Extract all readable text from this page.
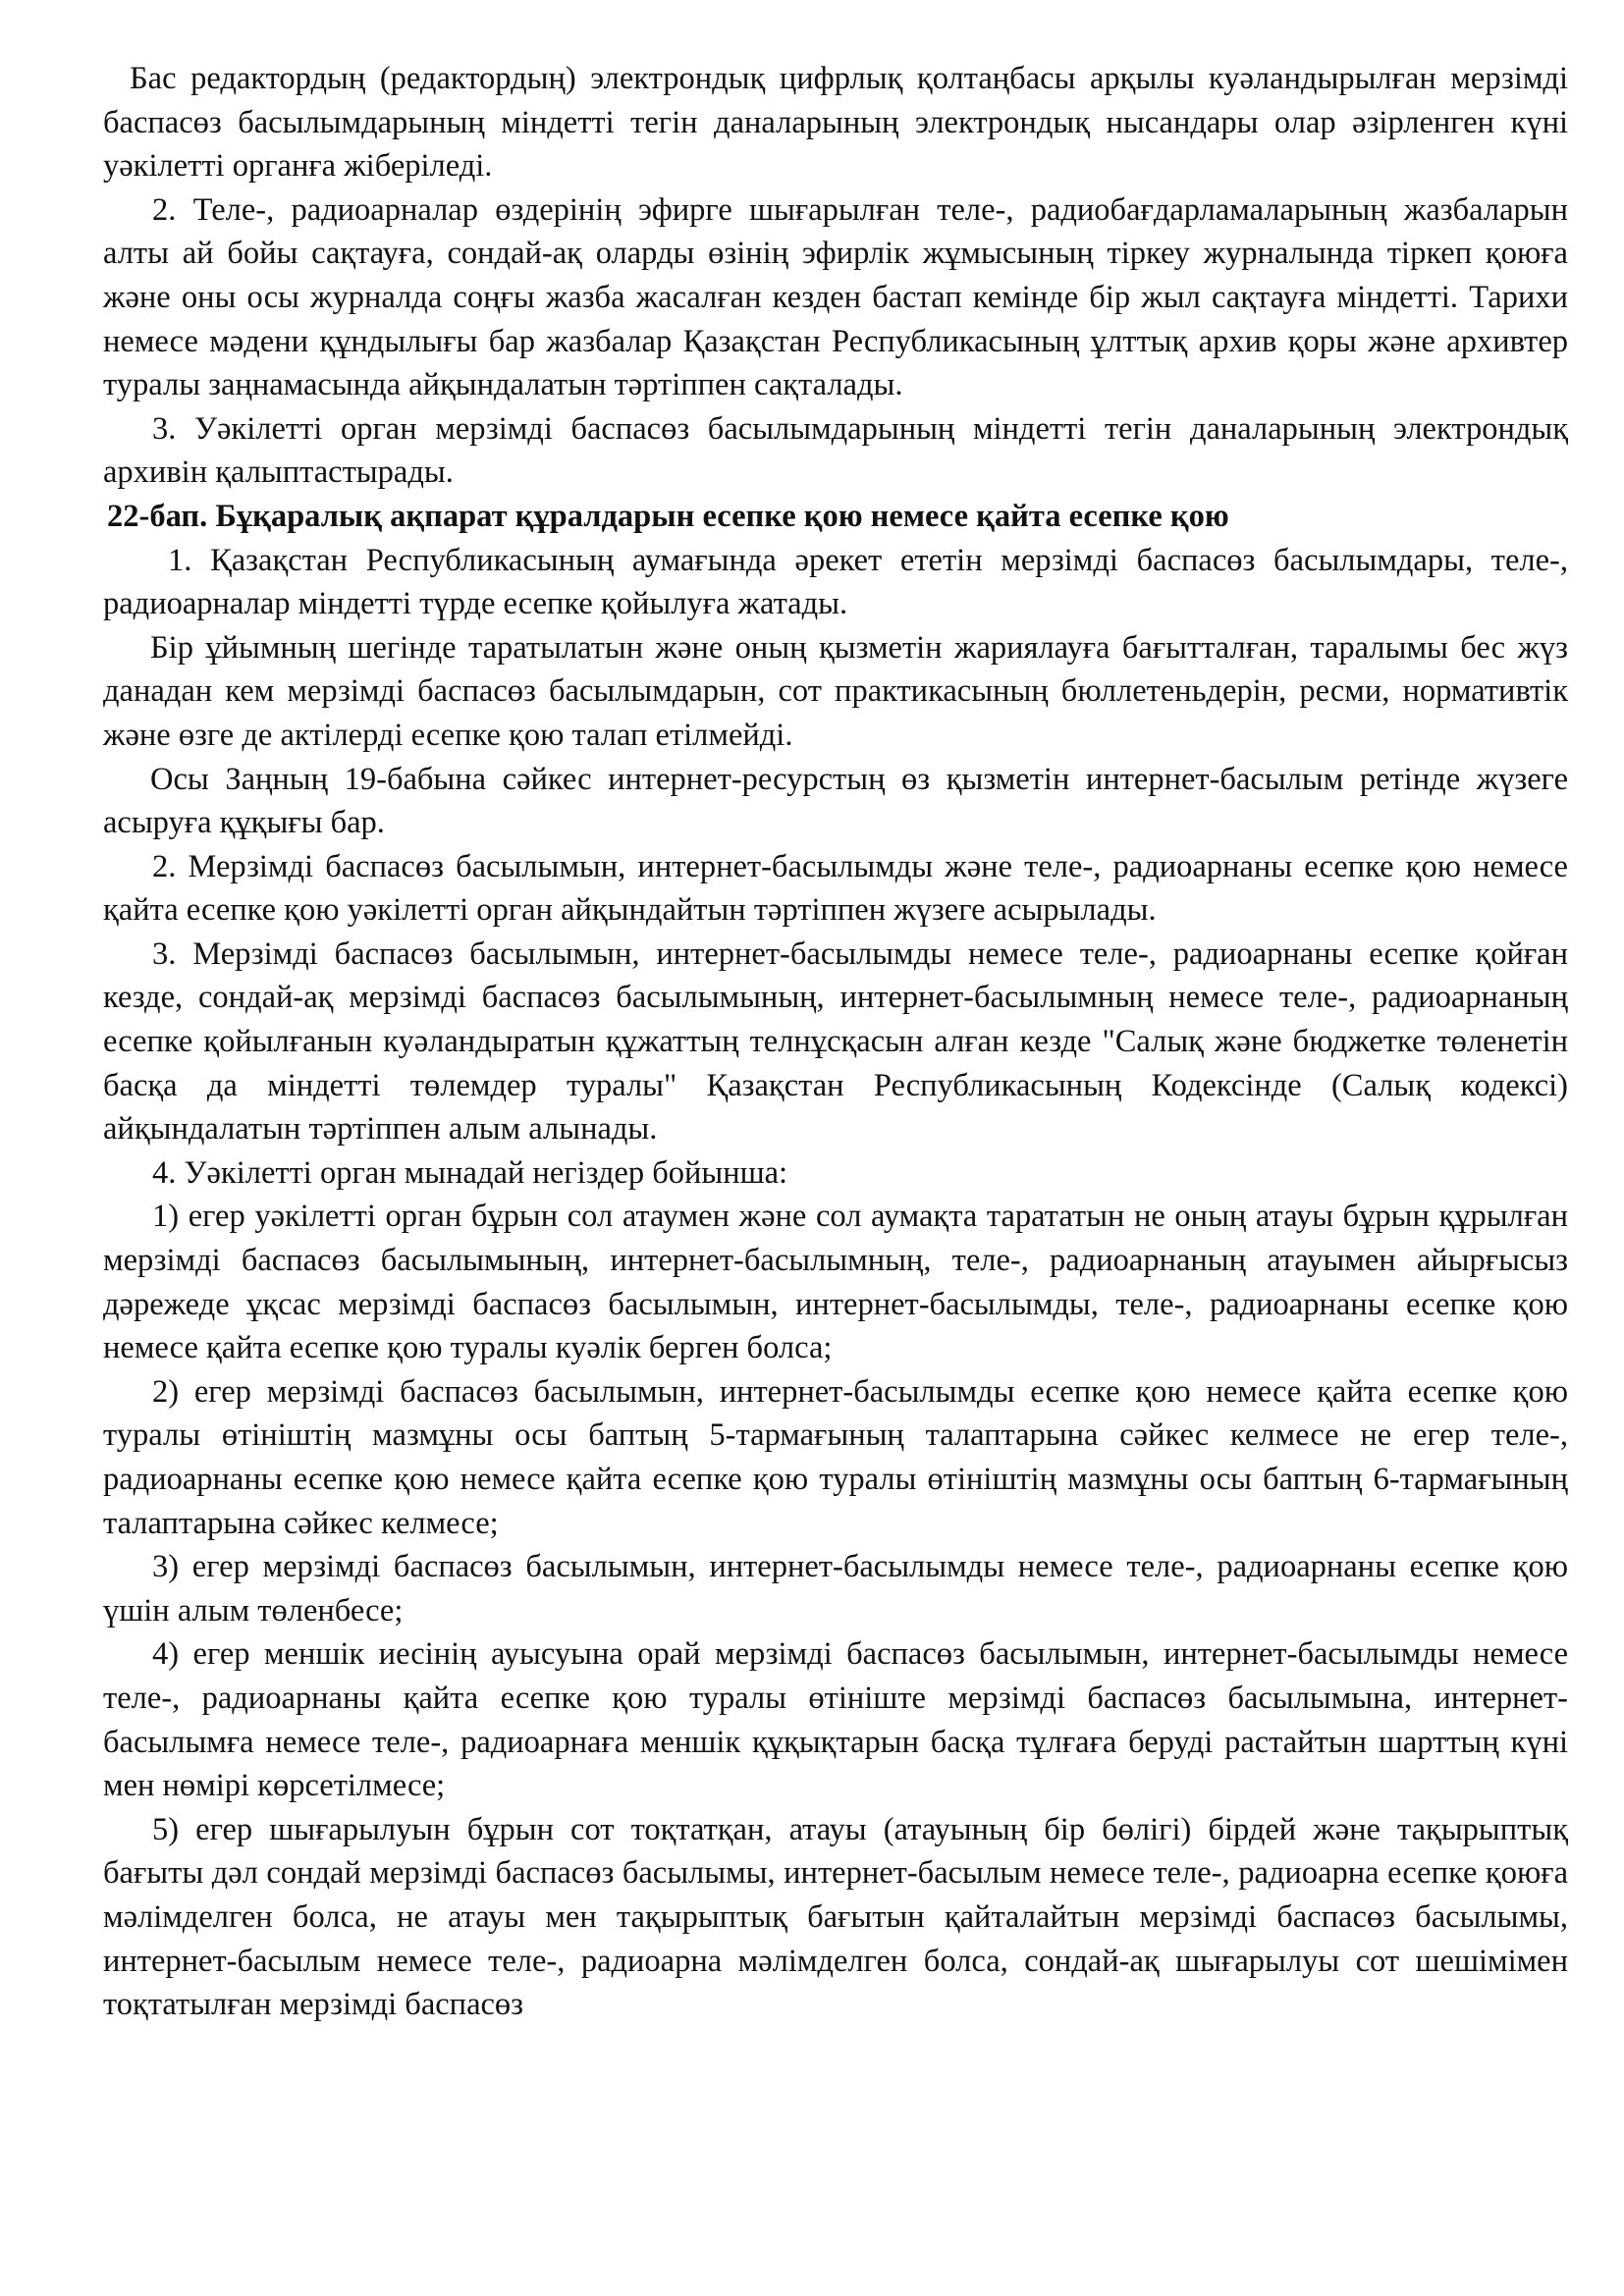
Бас редактордың (редактордың) электрондық цифрлық қолтаңбасы арқылы куәландырылған мерзімді баспасөз басылымдарының міндетті тегін даналарының электрондық нысандары олар әзірленген күні уәкілетті органға жіберіледі.

2. Теле-, радиоарналар өздерінің эфирге шығарылған теле-, радиобағдарламаларының жазбаларын алты ай бойы сақтауға, сондай-ақ оларды өзінің эфирлік жұмысының тіркеу журналында тіркеп қоюға және оны осы журналда соңғы жазба жасалған кезден бастап кемінде бір жыл сақтауға міндетті. Тарихи немесе мәдени құндылығы бар жазбалар Қазақстан Республикасының ұлттық архив қоры және архивтер туралы заңнамасында айқындалатын тәртіппен сақталады.

3. Уәкілетті орган мерзімді баспасөз басылымдарының міндетті тегін даналарының электрондық архивін қалыптастырады.

22-бап. Бұқаралық ақпарат құралдарын есепке қою немесе қайта есепке қою

1. Қазақстан Республикасының аумағында әрекет ететін мерзімді баспасөз басылымдары, теле-, радиоарналар міндетті түрде есепке қойылуға жатады.

Бір ұйымның шегінде таратылатын және оның қызметін жариялауға бағытталған, таралымы бес жүз данадан кем мерзімді баспасөз басылымдарын, сот практикасының бюллетеньдерін, ресми, нормативтік және өзге де актілерді есепке қою талап етілмейді.

Осы Заңның 19-бабына сәйкес интернет-ресурстың өз қызметін интернет-басылым ретінде жүзеге асыруға құқығы бар.

2. Мерзімді баспасөз басылымын, интернет-басылымды және теле-, радиоарнаны есепке қою немесе қайта есепке қою уәкілетті орган айқындайтын тәртіппен жүзеге асырылады.

3. Мерзімді баспасөз басылымын, интернет-басылымды немесе теле-, радиоарнаны есепке қойған кезде, сондай-ақ мерзімді баспасөз басылымының, интернет-басылымның немесе теле-, радиоарнаның есепке қойылғанын куәландыратын құжаттың телнұсқасын алған кезде "Салық және бюджетке төленетін басқа да міндетті төлемдер туралы" Қазақстан Республикасының Кодексінде (Салық кодексі) айқындалатын тәртіппен алым алынады.

4. Уәкілетті орган мынадай негіздер бойынша:

1) егер уәкілетті орган бұрын сол атаумен және сол аумақта тарататын не оның атауы бұрын құрылған мерзімді баспасөз басылымының, интернет-басылымның, теле-, радиоарнаның атауымен айырғысыз дәрежеде ұқсас мерзімді баспасөз басылымын, интернет-басылымды, теле-, радиоарнаны есепке қою немесе қайта есепке қою туралы куәлік берген болса;

2) егер мерзімді баспасөз басылымын, интернет-басылымды есепке қою немесе қайта есепке қою туралы өтініштің мазмұны осы баптың 5-тармағының талаптарына сәйкес келмесе не егер теле-, радиоарнаны есепке қою немесе қайта есепке қою туралы өтініштің мазмұны осы баптың 6-тармағының талаптарына сәйкес келмесе;

3) егер мерзімді баспасөз басылымын, интернет-басылымды немесе теле-, радиоарнаны есепке қою үшін алым төленбесе;

4) егер меншік иесінің ауысуына орай мерзімді баспасөз басылымын, интернет-басылымды немесе теле-, радиоарнаны қайта есепке қою туралы өтініште мерзімді баспасөз басылымына, интернет-басылымға немесе теле-, радиоарнаға меншік құқықтарын басқа тұлғаға беруді растайтын шарттың күні мен нөмірі көрсетілмесе;

5) егер шығарылуын бұрын сот тоқтатқан, атауы (атауының бір бөлігі) бірдей және тақырыптық бағыты дәл сондай мерзімді баспасөз басылымы, интернет-басылым немесе теле-, радиоарна есепке қоюға мәлімделген болса, не атауы мен тақырыптық бағытын қайталайтын мерзімді баспасөз басылымы, интернет-басылым немесе теле-, радиоарна мәлімделген болса, сондай-ақ шығарылуы сот шешімімен тоқтатылған мерзімді баспасөз
